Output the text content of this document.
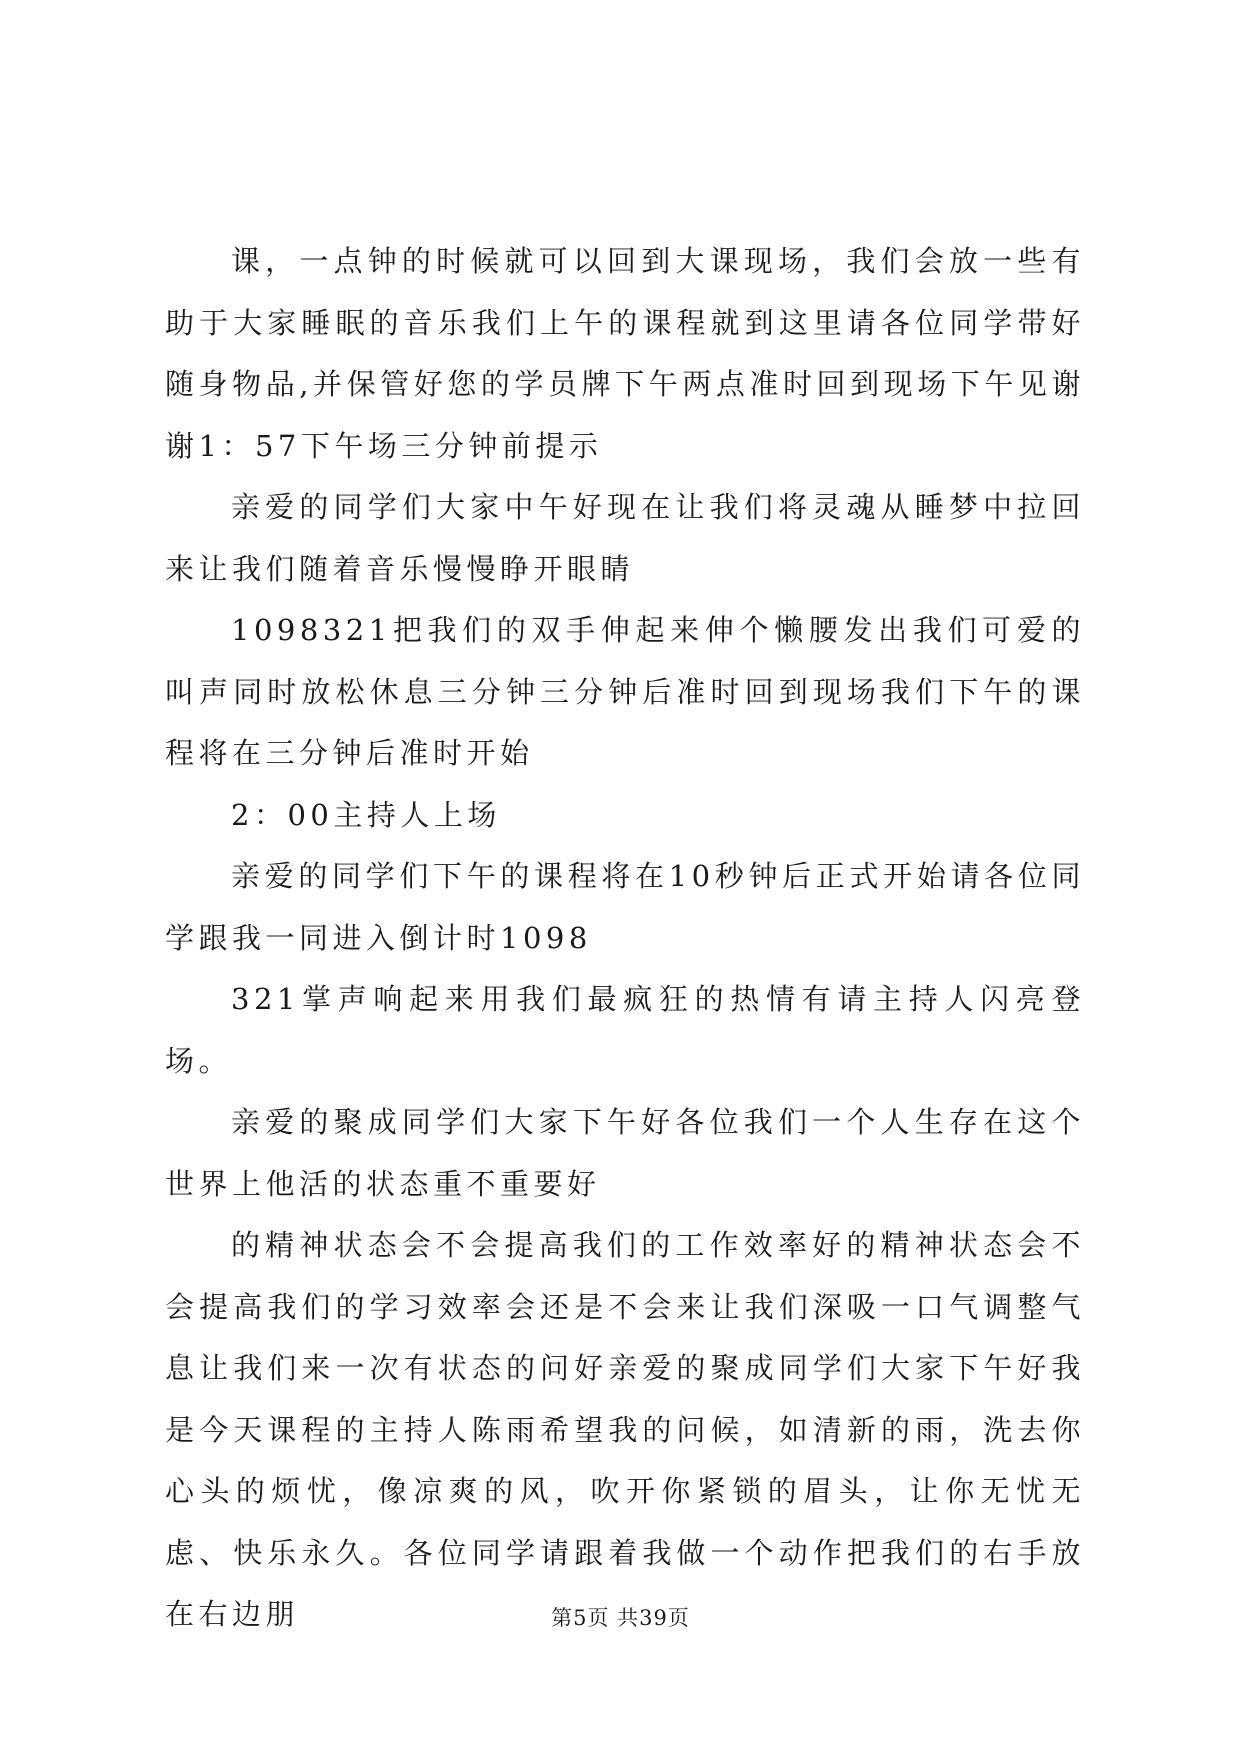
课，一点钟的时候就可以回到大课现场，我们会放一些有助于大家睡眠的音乐我们上午的课程就到这里请各位同学带好随身物品,并保管好您的学员牌下午两点准时回到现场下午见谢谢1：57下午场三分钟前提示

亲爱的同学们大家中午好现在让我们将灵魂从睡梦中拉回来让我们随着音乐慢慢睁开眼睛

1098321把我们的双手伸起来伸个懒腰发出我们可爱的叫声同时放松休息三分钟三分钟后准时回到现场我们下午的课程将在三分钟后准时开始

2：00主持人上场

亲爱的同学们下午的课程将在10秒钟后正式开始请各位同学跟我一同进入倒计时1098

321掌声响起来用我们最疯狂的热情有请主持人闪亮登场。

亲爱的聚成同学们大家下午好各位我们一个人生存在这个世界上他活的状态重不重要好

的精神状态会不会提高我们的工作效率好的精神状态会不会提高我们的学习效率会还是不会来让我们深吸一口气调整气息让我们来一次有状态的问好亲爱的聚成同学们大家下午好我是今天课程的主持人陈雨希望我的问候，如清新的雨，洗去你心头的烦忧，像凉爽的风，吹开你紧锁的眉头，让你无忧无虑、快乐永久。各位同学请跟着我做一个动作把我们的右手放在右边朋	第5页 共39页
